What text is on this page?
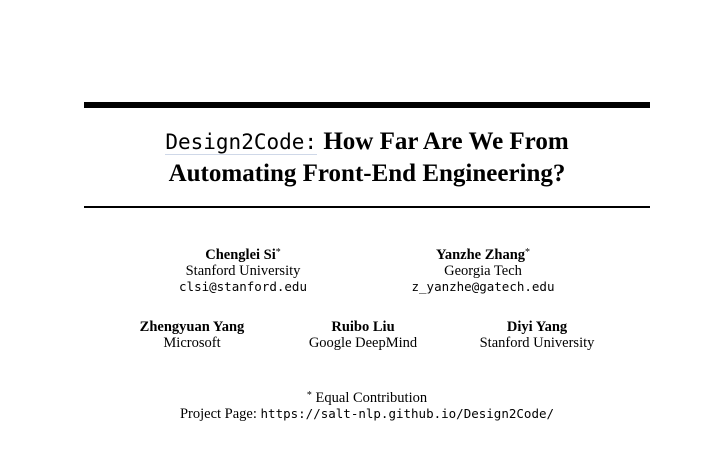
Design2Code: How Far Are We From
Automating Front-End Engineering?
Chenglei Si*
Stanford University
clsi@stanford.edu
Yanzhe Zhang*
Georgia Tech
z_yanzhe@gatech.edu
Zhengyuan Yang
Microsoft
Ruibo Liu
Google DeepMind
Diyi Yang
Stanford University
* Equal Contribution
Project Page: https://salt-nlp.github.io/Design2Code/
